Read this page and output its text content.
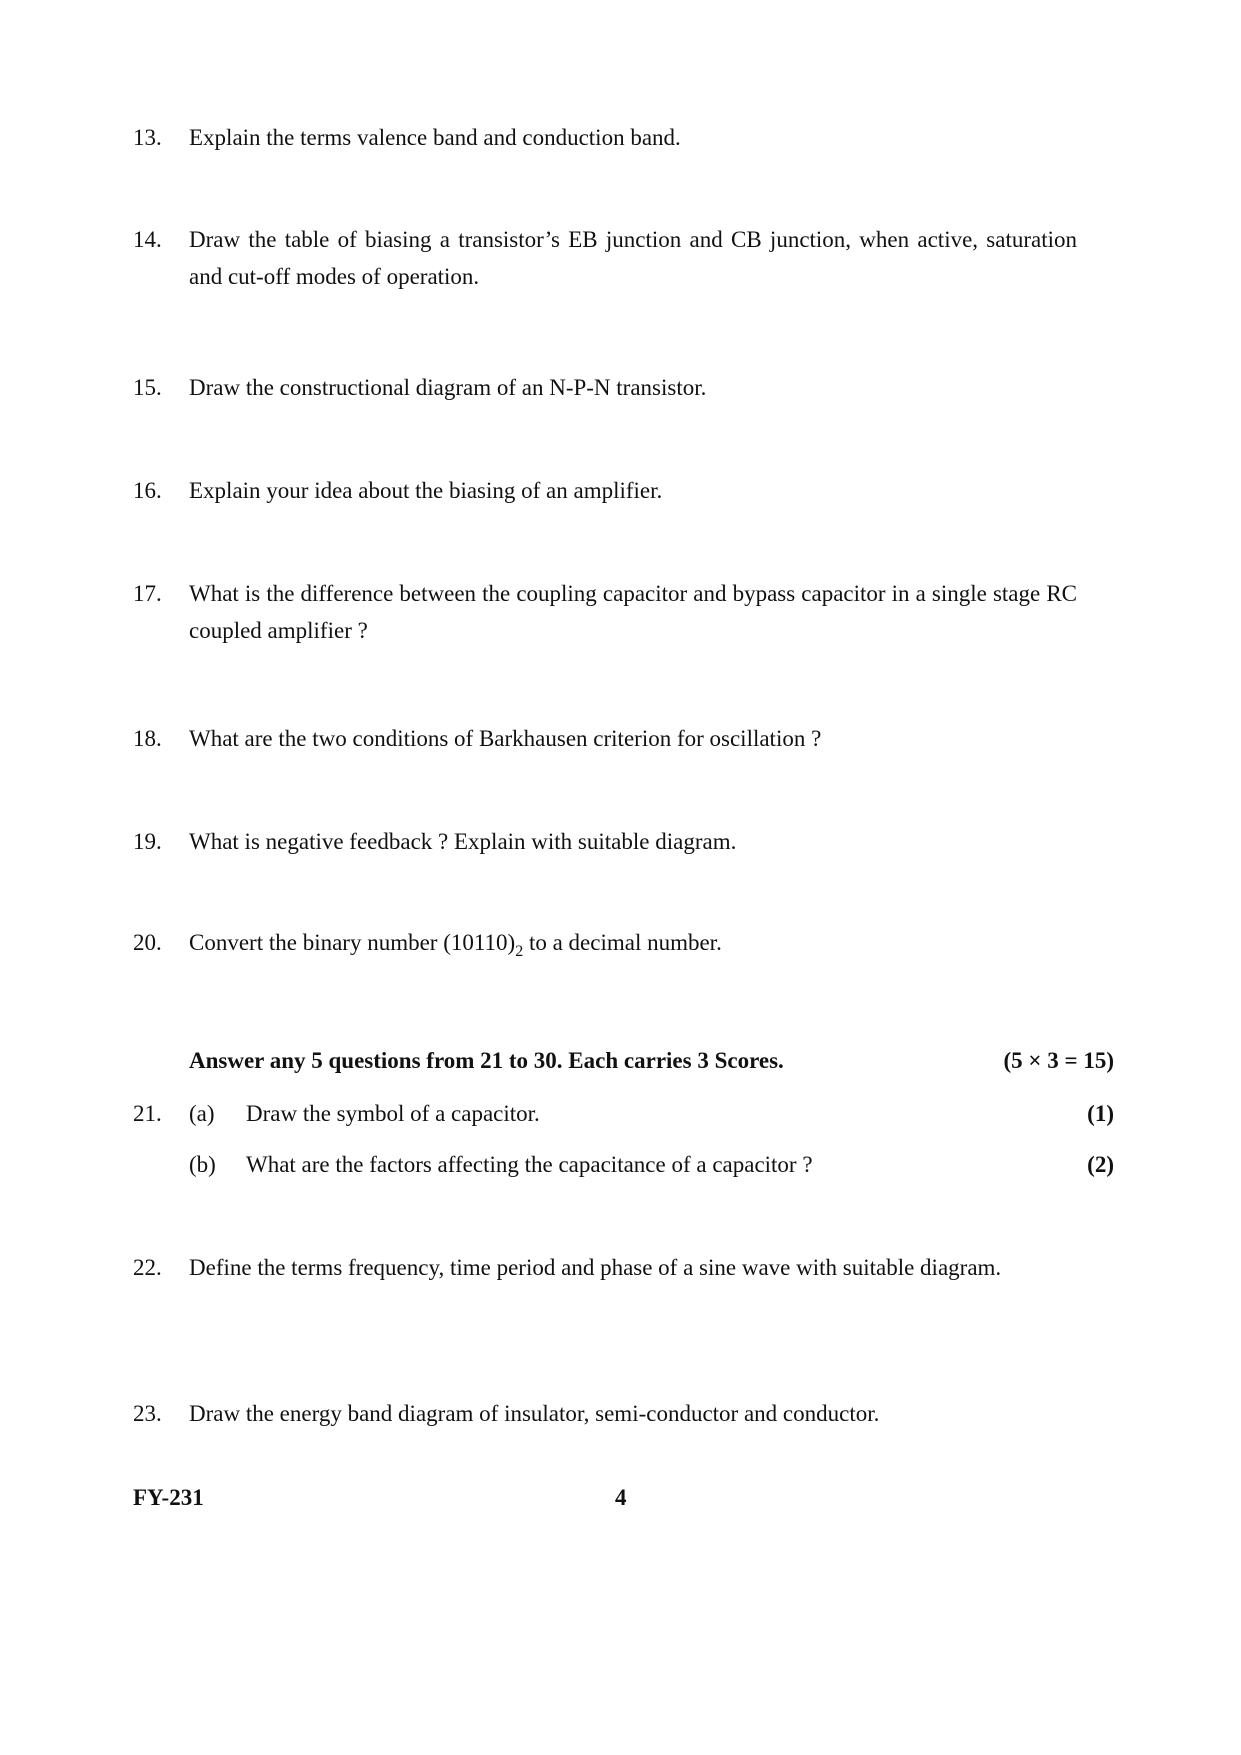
13. Explain the terms valence band and conduction band.
14. Draw the table of biasing a transistor’s EB junction and CB junction, when active, saturation and cut-off modes of operation.
15. Draw the constructional diagram of an N-P-N transistor.
16. Explain your idea about the biasing of an amplifier.
17. What is the difference between the coupling capacitor and bypass capacitor in a single stage RC coupled amplifier ?
18. What are the two conditions of Barkhausen criterion for oscillation ?
19. What is negative feedback ? Explain with suitable diagram.
20. Convert the binary number $(10110)_2$ to a decimal number.
Answer any 5 questions from 21 to 30. Each carries 3 Scores.	(5 × 3 = 15)
21. (a) Draw the symbol of a capacitor.	(1)
(b) What are the factors affecting the capacitance of a capacitor ?	(2)
22. Define the terms frequency, time period and phase of a sine wave with suitable diagram.
23. Draw the energy band diagram of insulator, semi-conductor and conductor.
FY-231	4
